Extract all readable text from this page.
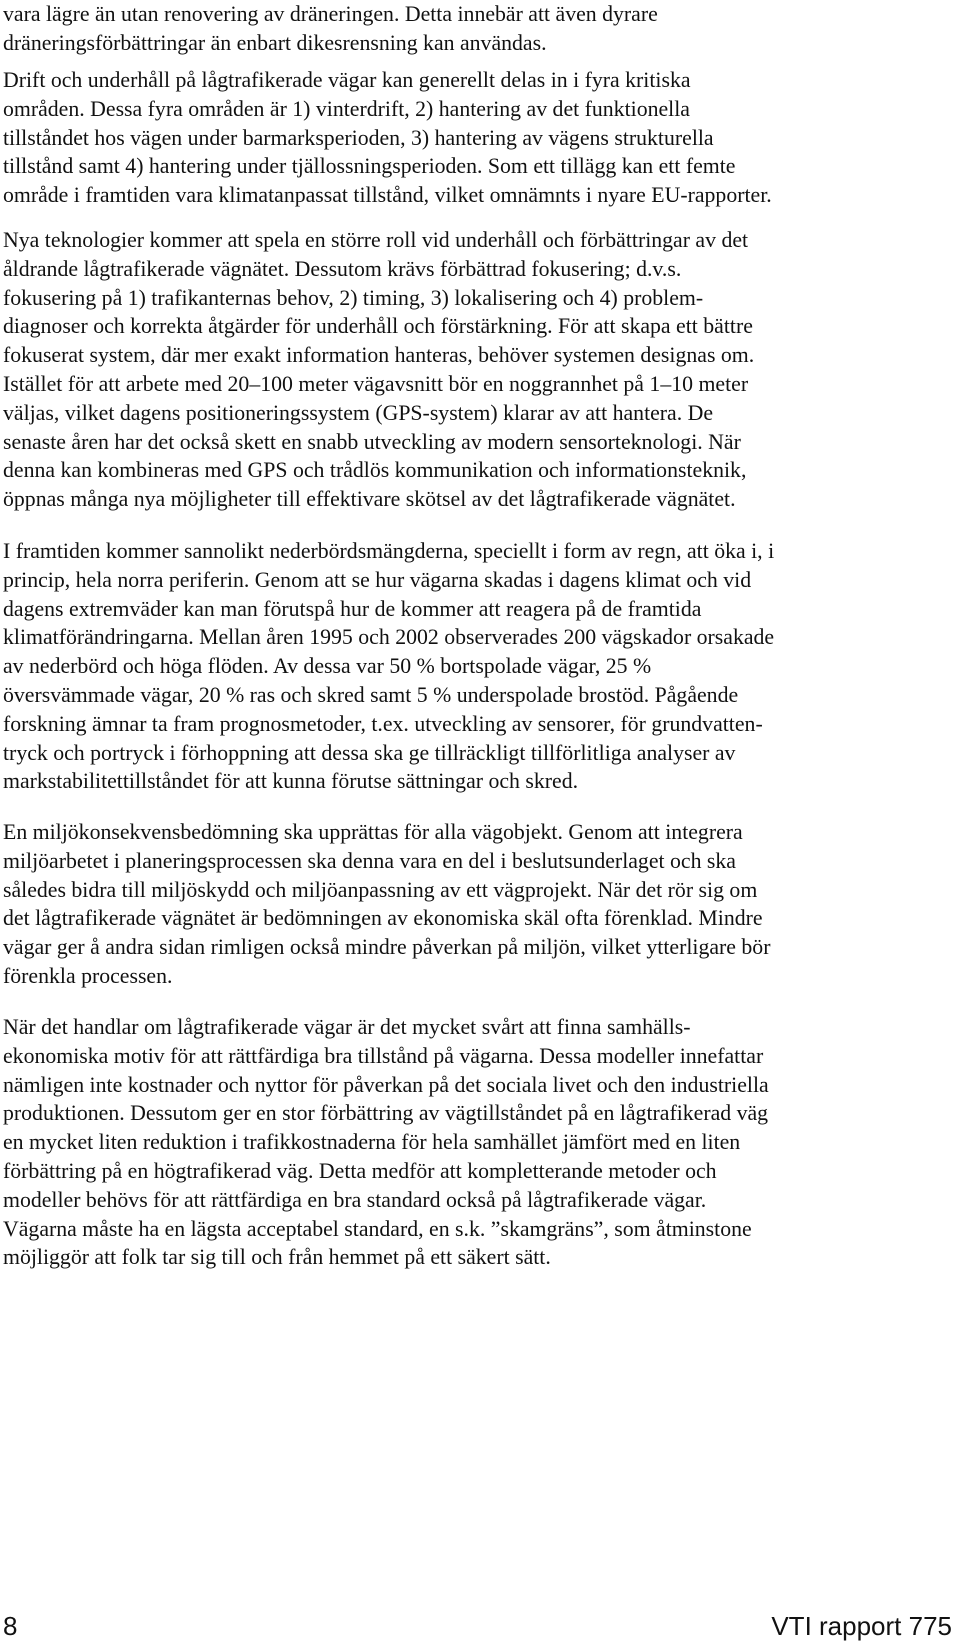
vara lägre än utan renovering av dräneringen. Detta innebär att även dyrare
dräneringsförbättringar än enbart dikesrensning kan användas.
Drift och underhåll på lågtrafikerade vägar kan generellt delas in i fyra kritiska
områden. Dessa fyra områden är 1) vinterdrift, 2) hantering av det funktionella
tillståndet hos vägen under barmarksperioden, 3) hantering av vägens strukturella
tillstånd samt 4) hantering under tjällossningsperioden. Som ett tillägg kan ett femte
område i framtiden vara klimatanpassat tillstånd, vilket omnämnts i nyare EU-rapporter.
Nya teknologier kommer att spela en större roll vid underhåll och förbättringar av det
åldrande lågtrafikerade vägnätet. Dessutom krävs förbättrad fokusering; d.v.s.
fokusering på 1) trafikanternas behov, 2) timing, 3) lokalisering och 4) problem-
diagnoser och korrekta åtgärder för underhåll och förstärkning. För att skapa ett bättre
fokuserat system, där mer exakt information hanteras, behöver systemen designas om.
Istället för att arbete med 20–100 meter vägavsnitt bör en noggrannhet på 1–10 meter
väljas, vilket dagens positioneringssystem (GPS-system) klarar av att hantera. De
senaste åren har det också skett en snabb utveckling av modern sensorteknologi. När
denna kan kombineras med GPS och trådlös kommunikation och informationsteknik,
öppnas många nya möjligheter till effektivare skötsel av det lågtrafikerade vägnätet.
I framtiden kommer sannolikt nederbördsmängderna, speciellt i form av regn, att öka i, i
princip, hela norra periferin. Genom att se hur vägarna skadas i dagens klimat och vid
dagens extremväder kan man förutspå hur de kommer att reagera på de framtida
klimatförändringarna. Mellan åren 1995 och 2002 observerades 200 vägskador orsakade
av nederbörd och höga flöden. Av dessa var 50 % bortspolade vägar, 25 %
översvämmade vägar, 20 % ras och skred samt 5 % underspolade brostöd. Pågående
forskning ämnar ta fram prognosmetoder, t.ex. utveckling av sensorer, för grundvatten-
tryck och portryck i förhoppning att dessa ska ge tillräckligt tillförlitliga analyser av
markstabilitettillståndet för att kunna förutse sättningar och skred.
En miljökonsekvensbedömning ska upprättas för alla vägobjekt. Genom att integrera
miljöarbetet i planeringsprocessen ska denna vara en del i beslutsunderlaget och ska
således bidra till miljöskydd och miljöanpassning av ett vägprojekt. När det rör sig om
det lågtrafikerade vägnätet är bedömningen av ekonomiska skäl ofta förenklad. Mindre
vägar ger å andra sidan rimligen också mindre påverkan på miljön, vilket ytterligare bör
förenkla processen.
När det handlar om lågtrafikerade vägar är det mycket svårt att finna samhälls-
ekonomiska motiv för att rättfärdiga bra tillstånd på vägarna. Dessa modeller innefattar
nämligen inte kostnader och nyttor för påverkan på det sociala livet och den industriella
produktionen. Dessutom ger en stor förbättring av vägtillståndet på en lågtrafikerad väg
en mycket liten reduktion i trafikkostnaderna för hela samhället jämfört med en liten
förbättring på en högtrafikerad väg. Detta medför att kompletterande metoder och
modeller behövs för att rättfärdiga en bra standard också på lågtrafikerade vägar.
Vägarna måste ha en lägsta acceptabel standard, en s.k. ”skamgräns”, som åtminstone
möjliggör att folk tar sig till och från hemmet på ett säkert sätt.
8	VTI rapport 775
